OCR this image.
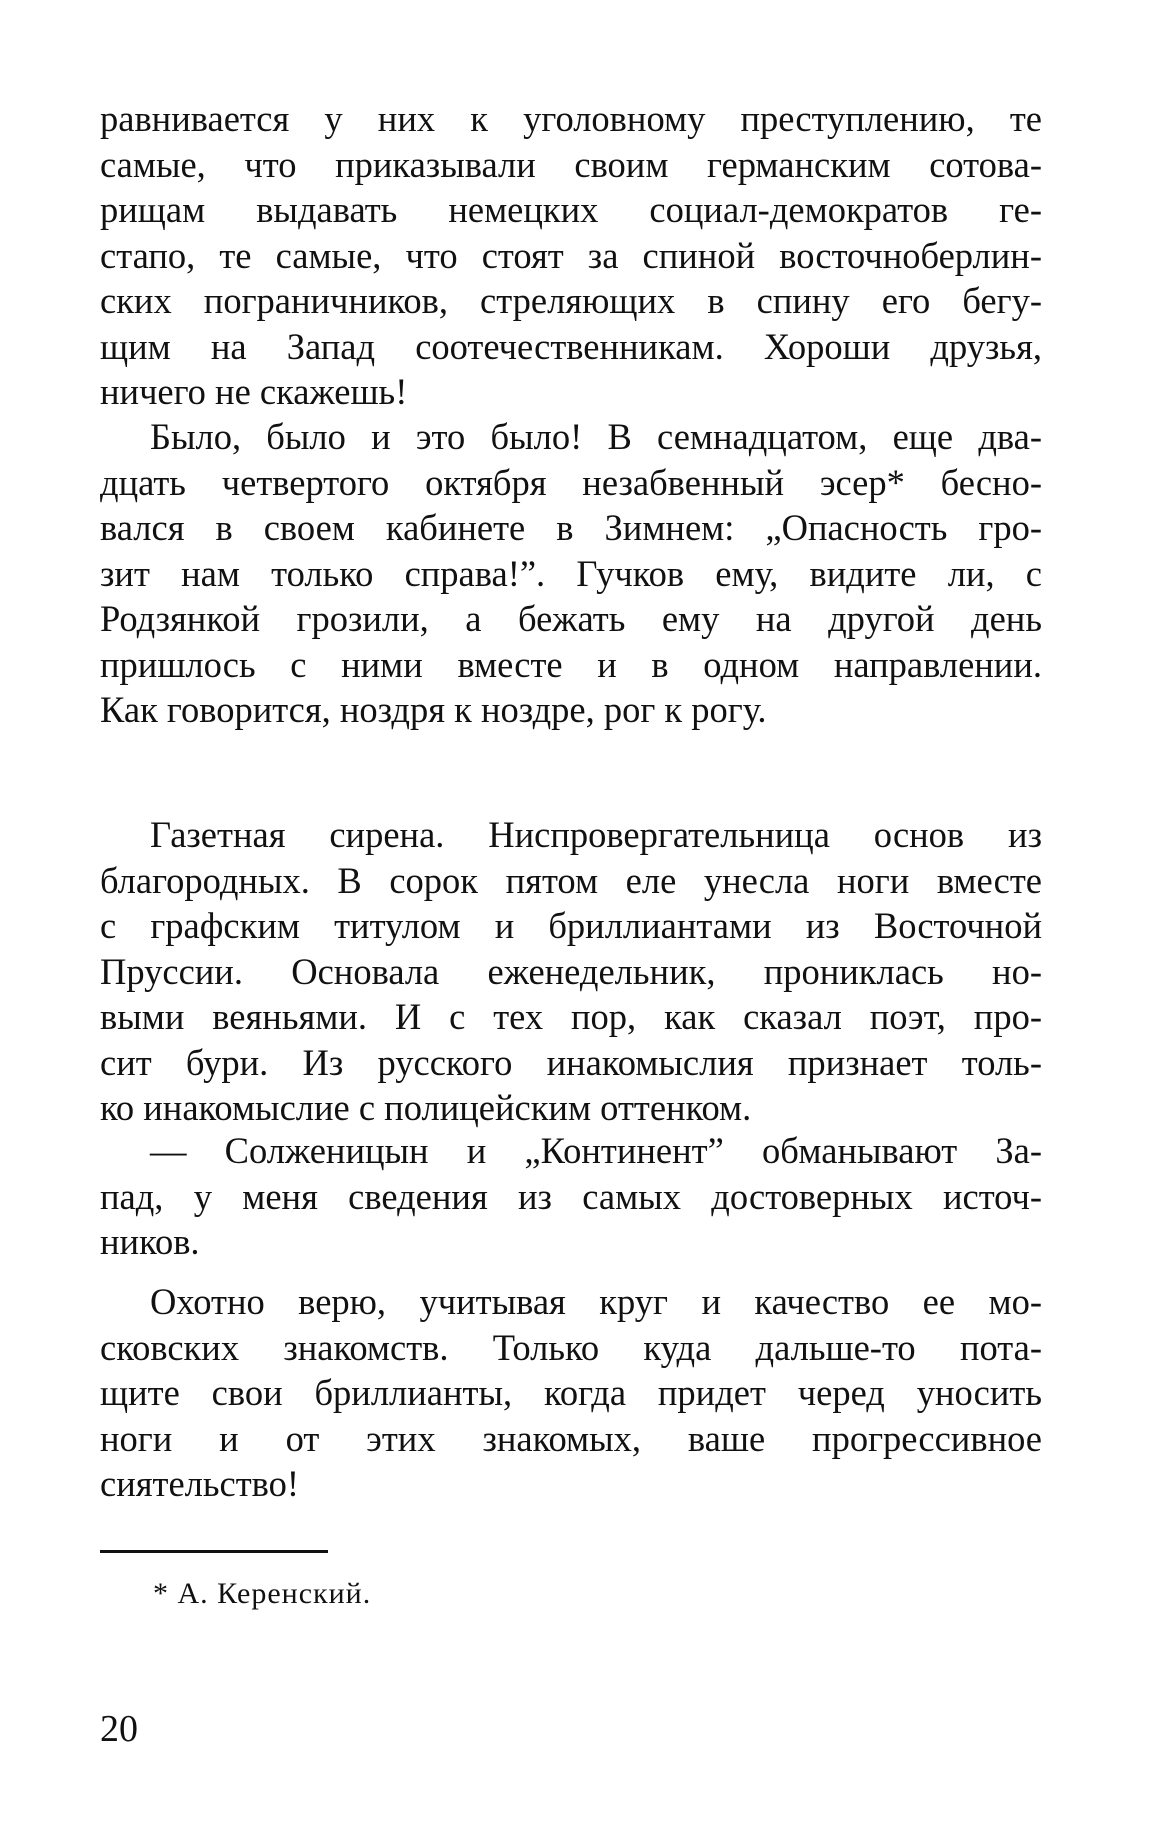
равнивается у них к уголовному преступлению, те
самые, что приказывали своим германским сотова-
рищам выдавать немецких социал-демократов ге-
стапо, те самые, что стоят за спиной восточноберлин-
ских пограничников, стреляющих в спину его бегу-
щим на Запад соотечественникам. Хороши друзья,
ничего не скажешь!
Было, было и это было! В семнадцатом, еще два-
дцать четвертого октября незабвенный эсер* бесно-
вался в своем кабинете в Зимнем: „Опасность гро-
зит нам только справа!”. Гучков ему, видите ли, с
Родзянкой грозили, а бежать ему на другой день
пришлось с ними вместе и в одном направлении.
Как говорится, ноздря к ноздре, рог к рогу.
Газетная сирена. Ниспровергательница основ из
благородных. В сорок пятом еле унесла ноги вместе
с графским титулом и бриллиантами из Восточной
Пруссии. Основала еженедельник, прониклась но-
выми веяньями. И с тех пор, как сказал поэт, про-
сит бури. Из русского инакомыслия признает толь-
ко инакомыслие с полицейским оттенком.
— Солженицын и „Континент” обманывают За-
пад, у меня сведения из самых достоверных источ-
ников.
Охотно верю, учитывая круг и качество ее мо-
сковских знакомств. Только куда дальше-то пота-
щите свои бриллианты, когда придет черед уносить
ноги и от этих знакомых, ваше прогрессивное
сиятельство!
* А. Керенский.
20
